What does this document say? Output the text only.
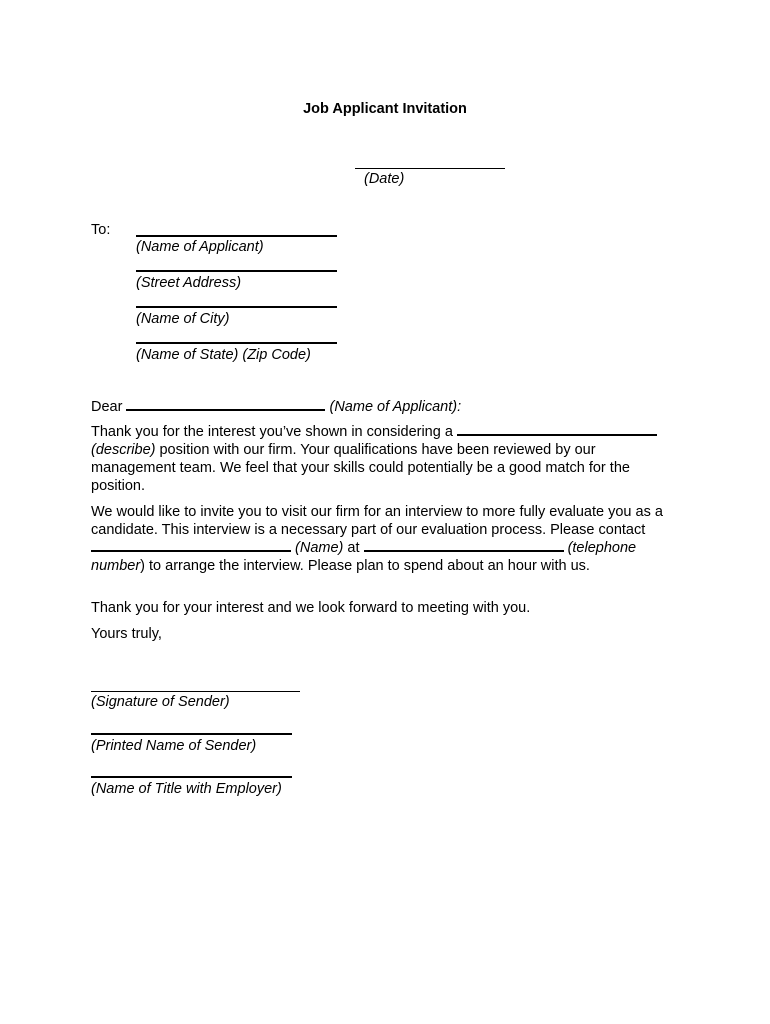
Job Applicant Invitation
(Date)
To:
(Name of Applicant)
(Street Address)
(Name of City)
(Name of State) (Zip Code)
Dear	(Name of Applicant):
Thank you for the interest you’ve shown in considering a  (describe) position with our firm. Your qualifications have been reviewed by our management team. We feel that your skills could potentially be a good match for the position.
We would like to invite you to visit our firm for an interview to more fully evaluate you as a candidate. This interview is a necessary part of our evaluation process. Please contact  (Name) at	(telephone number) to arrange the interview. Please plan to spend about an hour with us.
Thank you for your interest and we look forward to meeting with you.
Yours truly,
(Signature of Sender)
(Printed Name of Sender)
(Name of Title with Employer)
